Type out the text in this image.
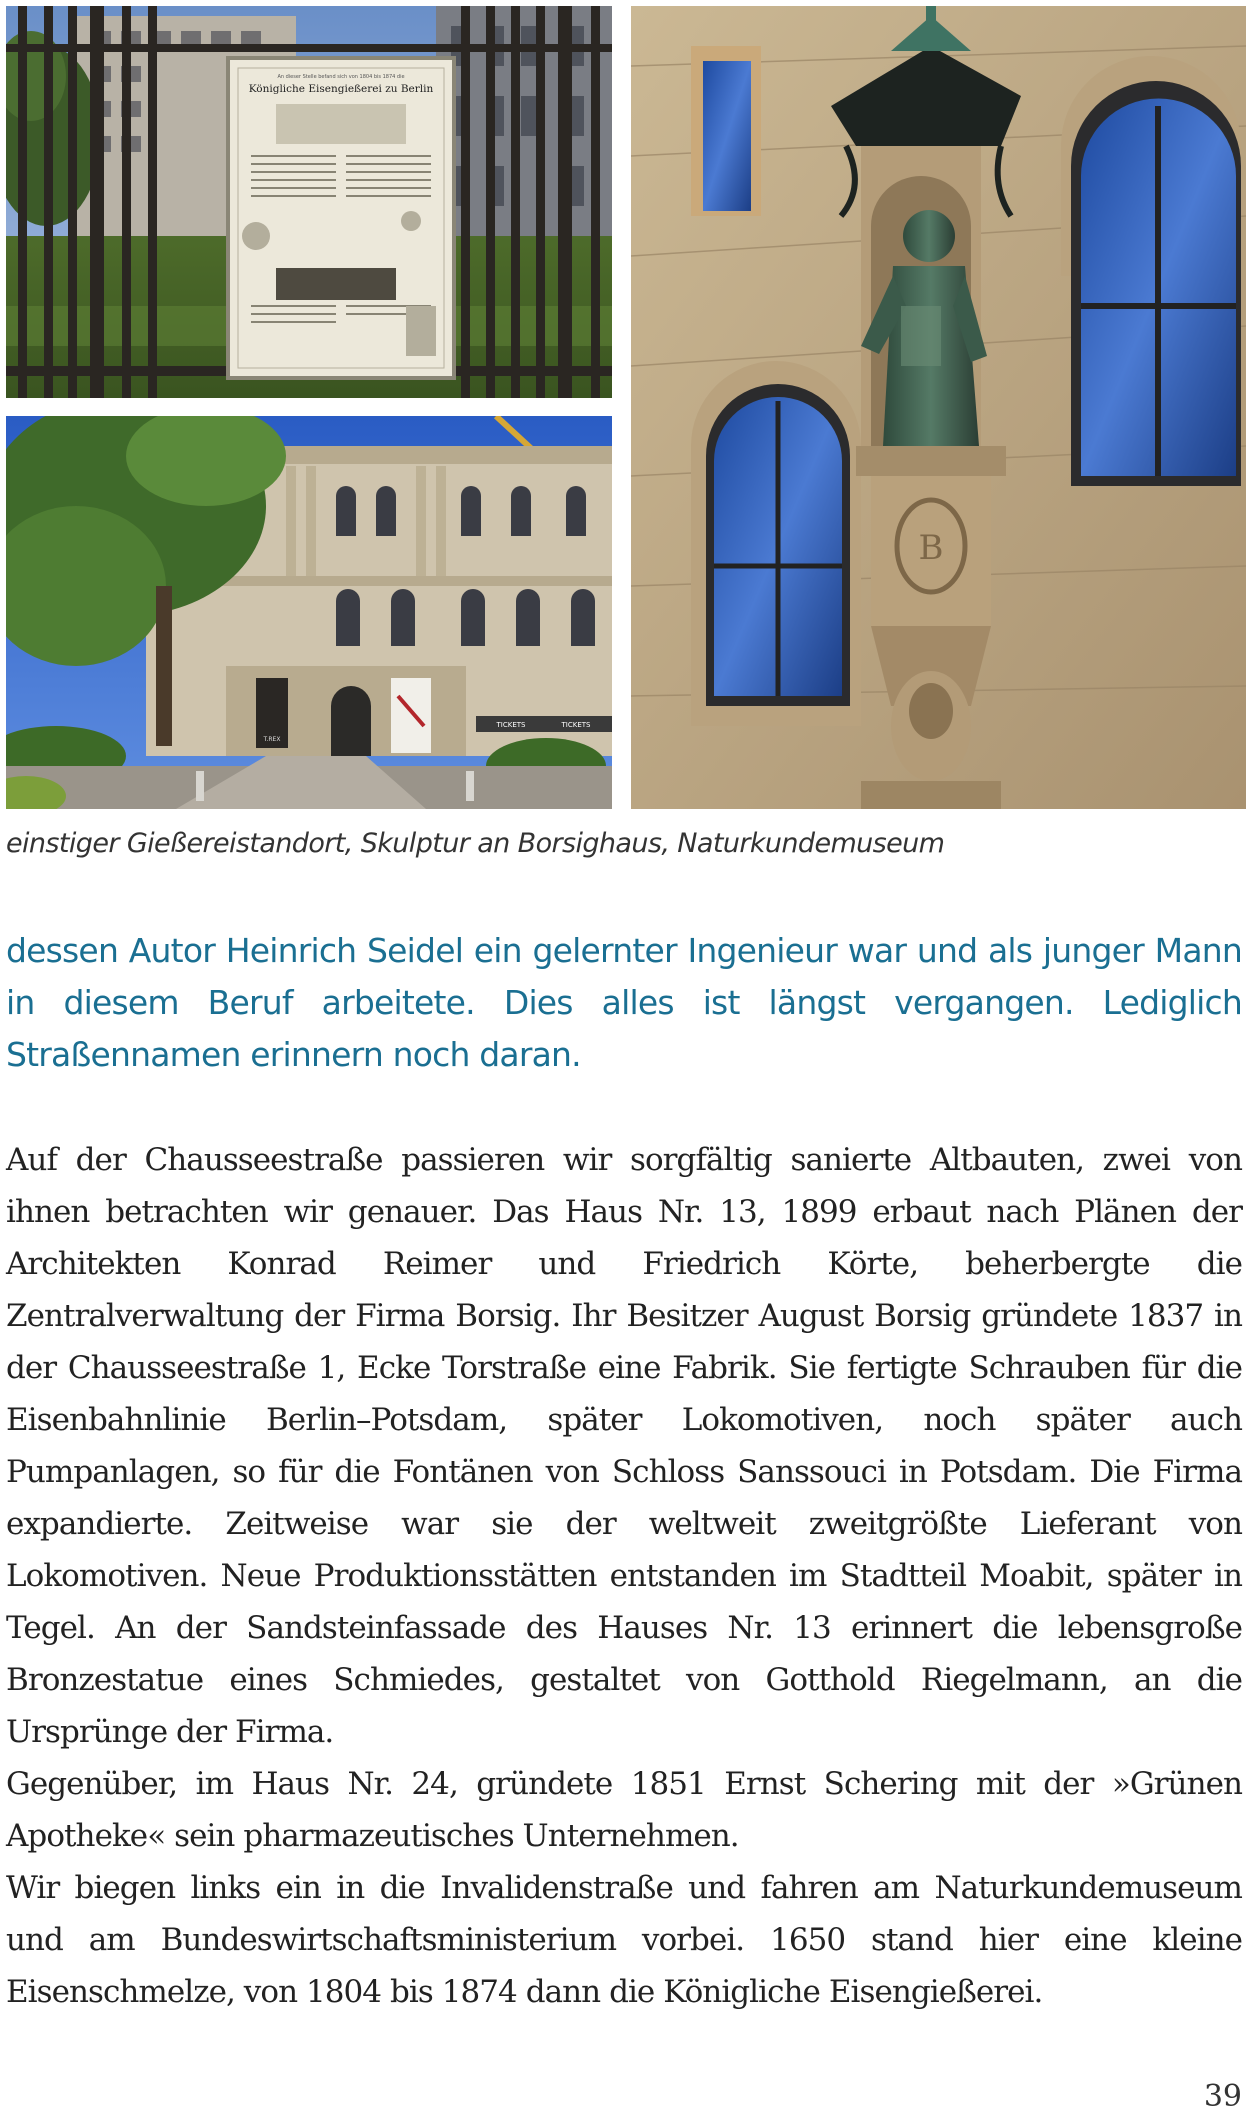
An dieser Stelle befand sich von 1804 bis 1874 die
Königliche Eisengießerei zu Berlin
T.REX
TICKETS	TICKETS
B
einstiger Gießereistandort, Skulptur an Borsighaus, Naturkundemuseum

dessen Autor Heinrich Seidel ein gelernter Ingenieur war und als junger Mann in diesem Beruf arbeitete. Dies alles ist längst vergangen. Lediglich Straßennamen erinnern noch daran.

Auf der Chausseestraße passieren wir sorgfältig sanierte Altbauten, zwei von ihnen betrachten wir genauer. Das Haus Nr. 13, 1899 erbaut nach Plänen der Architekten Konrad Reimer und Friedrich Körte, beherbergte die Zentralverwaltung der Firma Borsig. Ihr Besitzer August Borsig gründete 1837 in der Chausseestraße 1, Ecke Torstraße eine Fabrik. Sie fertigte Schrauben für die Eisenbahnlinie Berlin–Potsdam, später Lokomotiven, noch später auch Pumpanlagen, so für die Fontänen von Schloss Sanssouci in Potsdam. Die Firma expandierte. Zeitweise war sie der weltweit zweitgrößte Lieferant von Lokomotiven. Neue Produktionsstätten entstanden im Stadtteil Moabit, später in Tegel. An der Sandsteinfassade des Hauses Nr. 13 erinnert die lebensgroße Bronzestatue eines Schmiedes, gestaltet von Gotthold Riegelmann, an die Ursprünge der Firma.

Gegenüber, im Haus Nr. 24, gründete 1851 Ernst Schering mit der »Grünen Apotheke« sein pharmazeutisches Unternehmen.

Wir biegen links ein in die Invalidenstraße und fahren am Naturkundemuseum und am Bundeswirtschaftsministerium vorbei. 1650 stand hier eine kleine Eisenschmelze, von 1804 bis 1874 dann die Königliche Eisengießerei.

39
